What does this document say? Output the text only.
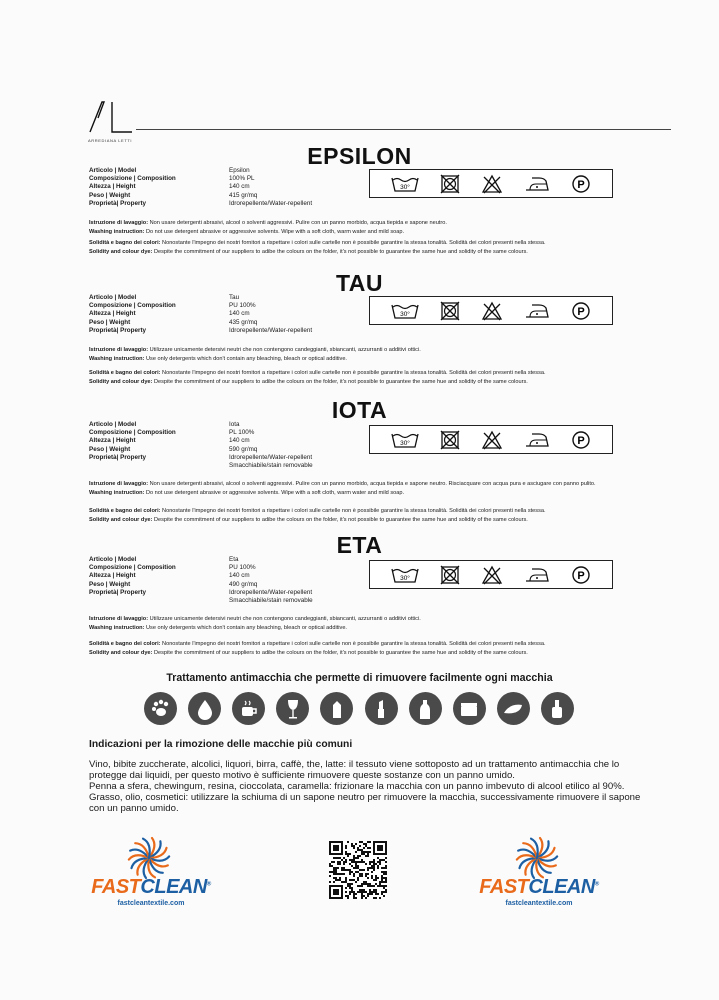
ARREDIANA LETTI
EPSILON
Articolo | Model	Epsilon
Composizione | Composition	100% PL
Altezza | Height	140 cm
Peso | Weight	415 gr/mq
Proprietà| Property	Idrorepellente/Water-repellent
30°	P
Istruzione di lavaggio: Non usare detergenti abrasivi, alcool o solventi aggressivi. Pulire con un panno morbido, acqua tiepida e sapone neutro.
Washing instruction: Do not use detergent abrasive or aggressive solvents. Wipe with a soft cloth, warm water and mild soap.
Solidità e bagno dei colori: Nonostante l'impegno dei nostri fornitori a rispettare i colori sulle cartelle non è possibile garantire la stessa tonalità. Solidità dei colori presenti nella stessa.
Solidity and colour dye: Despite the commitment of our suppliers to adibe the colours on the folder, it's not possible to guarantee the same hue and solidity of the same colours.
TAU
Articolo | Model	Tau
Composizione | Composition	PU 100%
Altezza | Height	140 cm
Peso | Weight	435 gr/mq
Proprietà| Property	Idrorepellente/Water-repellent
30°	P
Istruzione di lavaggio: Utilizzare unicamente detersivi neutri che non contengono candeggianti, sbiancanti, azzurranti o additivi ottici.
Washing instruction: Use only detergents which don't contain any bleaching, bleach or optical additive.
Solidità e bagno dei colori: Nonostante l'impegno dei nostri fornitori a rispettare i colori sulle cartelle non è possibile garantire la stessa tonalità. Solidità dei colori presenti nella stessa.
Solidity and colour dye: Despite the commitment of our suppliers to adibe the colours on the folder, it's not possible to guarantee the same hue and solidity of the same colours.
IOTA
Articolo | Model	Iota
Composizione | Composition	PL 100%
Altezza | Height	140 cm
Peso | Weight	590 gr/mq
Proprietà| Property	Idrorepellente/Water-repellent
Smacchiabile/stain removable
30°	P
Istruzione di lavaggio: Non usare detergenti abrasivi, alcool o solventi aggressivi. Pulire con un panno morbido, acqua tiepida e sapone neutro. Risciacquare con acqua pura e asciugare con panno pulito.
Washing instruction: Do not use detergent abrasive or aggressive solvents. Wipe with a soft cloth, warm water and mild soap.
Solidità e bagno dei colori: Nonostante l'impegno dei nostri fornitori a rispettare i colori sulle cartelle non è possibile garantire la stessa tonalità. Solidità dei colori presenti nella stessa.
Solidity and colour dye: Despite the commitment of our suppliers to adibe the colours on the folder, it's not possible to guarantee the same hue and solidity of the same colours.
ETA
Articolo | Model	Eta
Composizione | Composition	PU 100%
Altezza | Height	140 cm
Peso | Weight	490 gr/mq
Proprietà| Property	Idrorepellente/Water-repellent
Smacchiabile/stain removable
30°	P
Istruzione di lavaggio: Utilizzare unicamente detersivi neutri che non contengono candeggianti, sbiancanti, azzurranti o additivi ottici.
Washing instruction: Use only detergents which don't contain any bleaching, bleach or optical additive.
Solidità e bagno dei colori: Nonostante l'impegno dei nostri fornitori a rispettare i colori sulle cartelle non è possibile garantire la stessa tonalità. Solidità dei colori presenti nella stessa.
Solidity and colour dye: Despite the commitment of our suppliers to adibe the colours on the folder, it's not possible to guarantee the same hue and solidity of the same colours.
Trattamento antimacchia che permette di rimuovere facilmente ogni macchia
Indicazioni per la rimozione delle macchie più comuni

Vino, bibite zuccherate, alcolici, liquori, birra, caffè, the, latte: il tessuto viene sottoposto ad un trattamento antimacchia che lo protegge dai liquidi, per questo motivo è sufficiente rimuovere queste sostanze con un panno umido.

Penna a sfera, chewingum, resina, cioccolata, caramella: frizionare la macchia con un panno imbevuto di alcool etilico al 90%.

Grasso, olio, cosmetici: utilizzare la schiuma di un sapone neutro per rimuovere la macchia, successivamente rimuovere il sapone con un panno umido.

FASTCLEAN®
fastcleantextile.com
FASTCLEAN®
fastcleantextile.com
